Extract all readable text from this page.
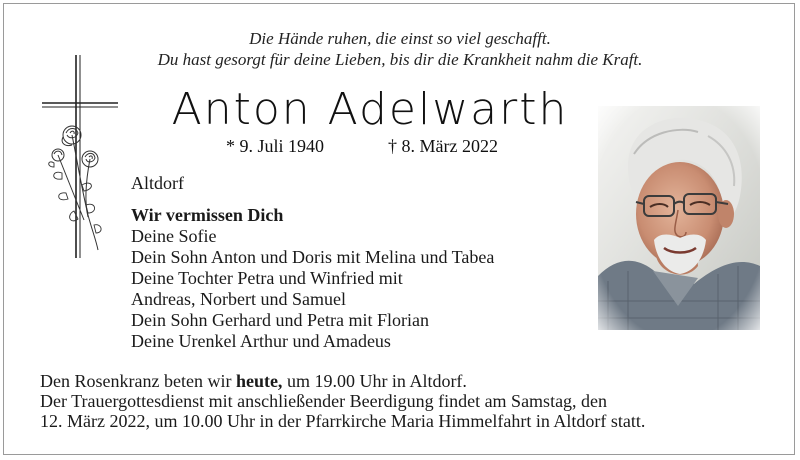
Die Hände ruhen, die einst so viel geschafft.
Du hast gesorgt für deine Lieben, bis dir die Krankheit nahm die Kraft.
Anton Adelwarth
* 9. Juli 1940	† 8. März 2022
Altdorf
Wir vermissen Dich
Deine Sofie
Dein Sohn Anton und Doris mit Melina und Tabea
Deine Tochter Petra und Winfried mit
Andreas, Norbert und Samuel
Dein Sohn Gerhard und Petra mit Florian
Deine Urenkel Arthur und Amadeus
Den Rosenkranz beten wir heute, um 19.00 Uhr in Altdorf.
Der Trauergottesdienst mit anschließender Beerdigung findet am Samstag, den
12. März 2022, um 10.00 Uhr in der Pfarrkirche Maria Himmelfahrt in Altdorf statt.
